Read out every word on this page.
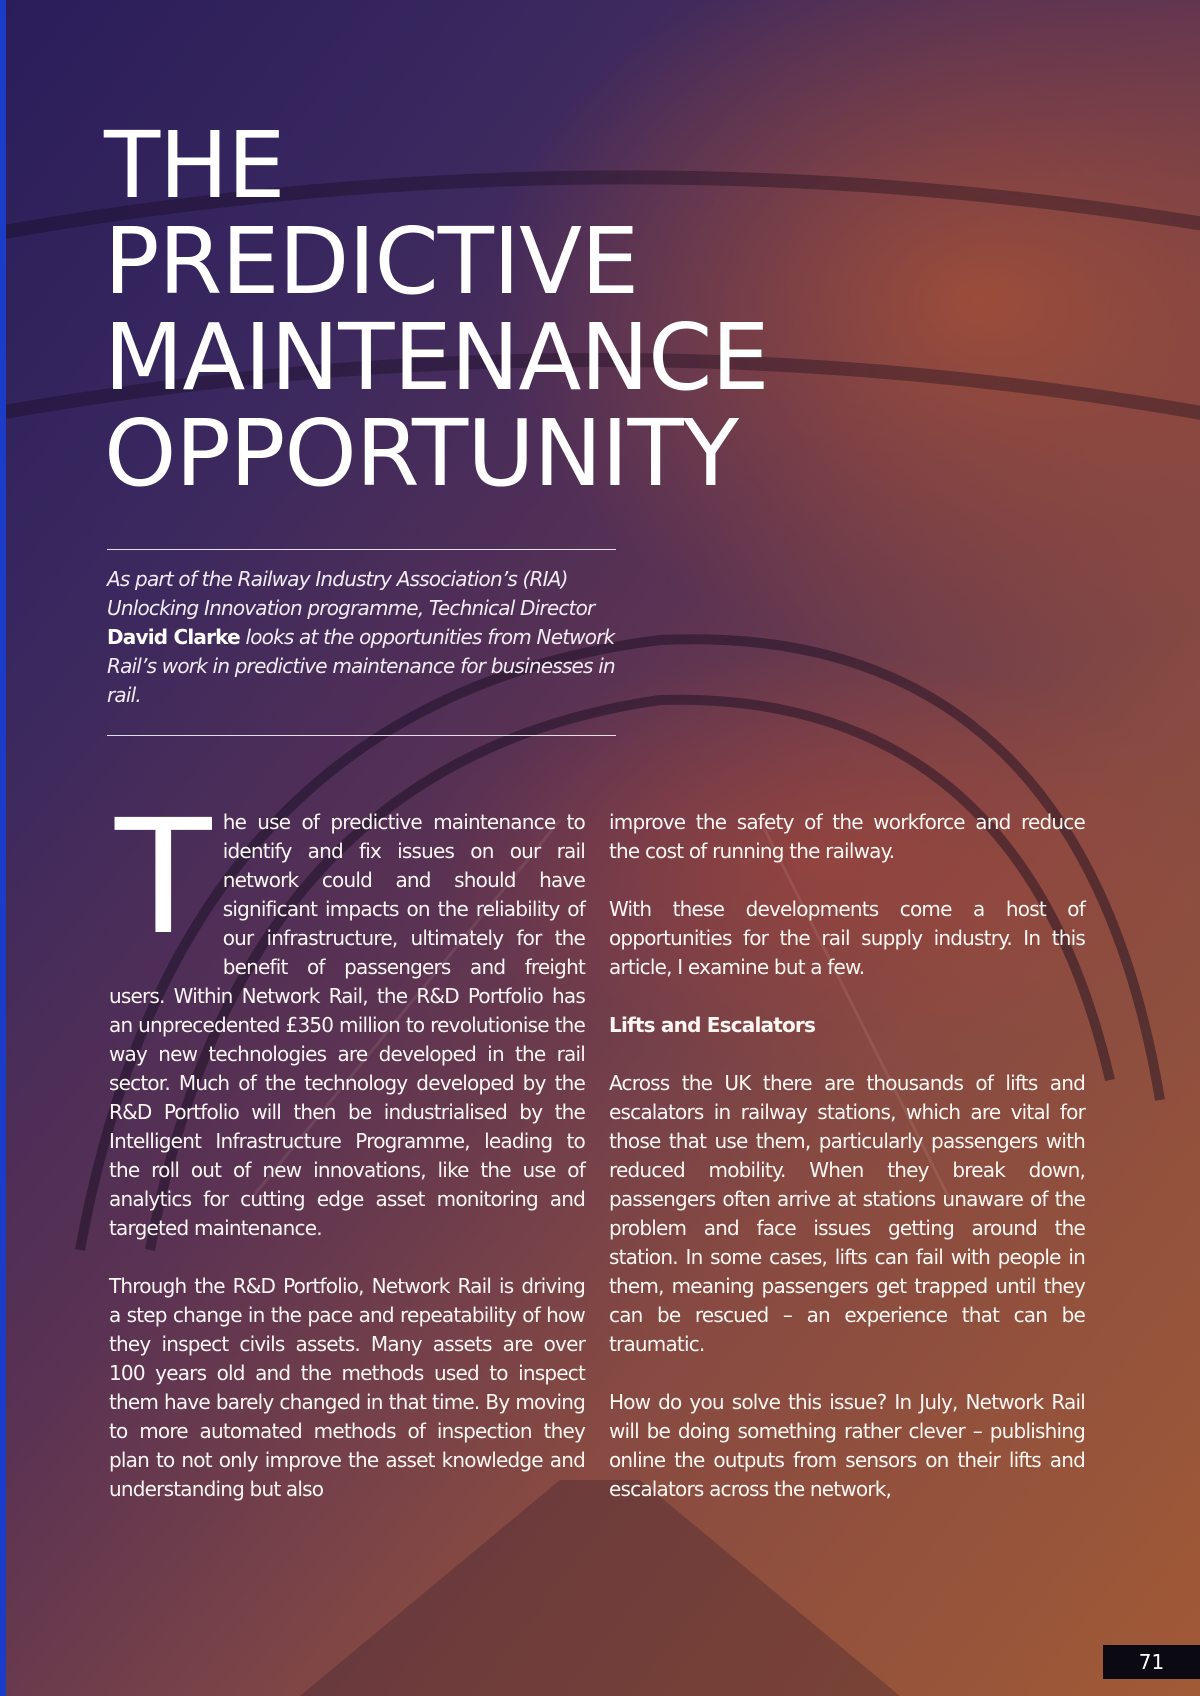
THE
PREDICTIVE
MAINTENANCE
OPPORTUNITY

As part of the Railway Industry Association’s (RIA) Unlocking Innovation programme, Technical Director David Clarke looks at the opportunities from Network Rail’s work in predictive maintenance for businesses in rail.

The use of predictive maintenance to identify and fix issues on our rail network could and should have significant impacts on the reliability of our infrastructure, ultimately for the benefit of passengers and freight users. Within Network Rail, the R&D Portfolio has an unprecedented £350 million to revolutionise the way new technologies are developed in the rail sector. Much of the technology developed by the R&D Portfolio will then be industrialised by the Intelligent Infrastructure Programme, leading to the roll out of new innovations, like the use of analytics for cutting edge asset monitoring and targeted maintenance.

Through the R&D Portfolio, Network Rail is driving a step change in the pace and repeatability of how they inspect civils assets. Many assets are over 100 years old and the methods used to inspect them have barely changed in that time. By moving to more automated methods of inspection they plan to not only improve the asset knowledge and understanding but also

improve the safety of the workforce and reduce the cost of running the railway.

With these developments come a host of opportunities for the rail supply industry. In this article, I examine but a few.

Lifts and Escalators

Across the UK there are thousands of lifts and escalators in railway stations, which are vital for those that use them, particularly passengers with reduced mobility. When they break down, passengers often arrive at stations unaware of the problem and face issues getting around the station. In some cases, lifts can fail with people in them, meaning passengers get trapped until they can be rescued – an experience that can be traumatic.

How do you solve this issue? In July, Network Rail will be doing something rather clever – publishing online the outputs from sensors on their lifts and escalators across the network,

71
